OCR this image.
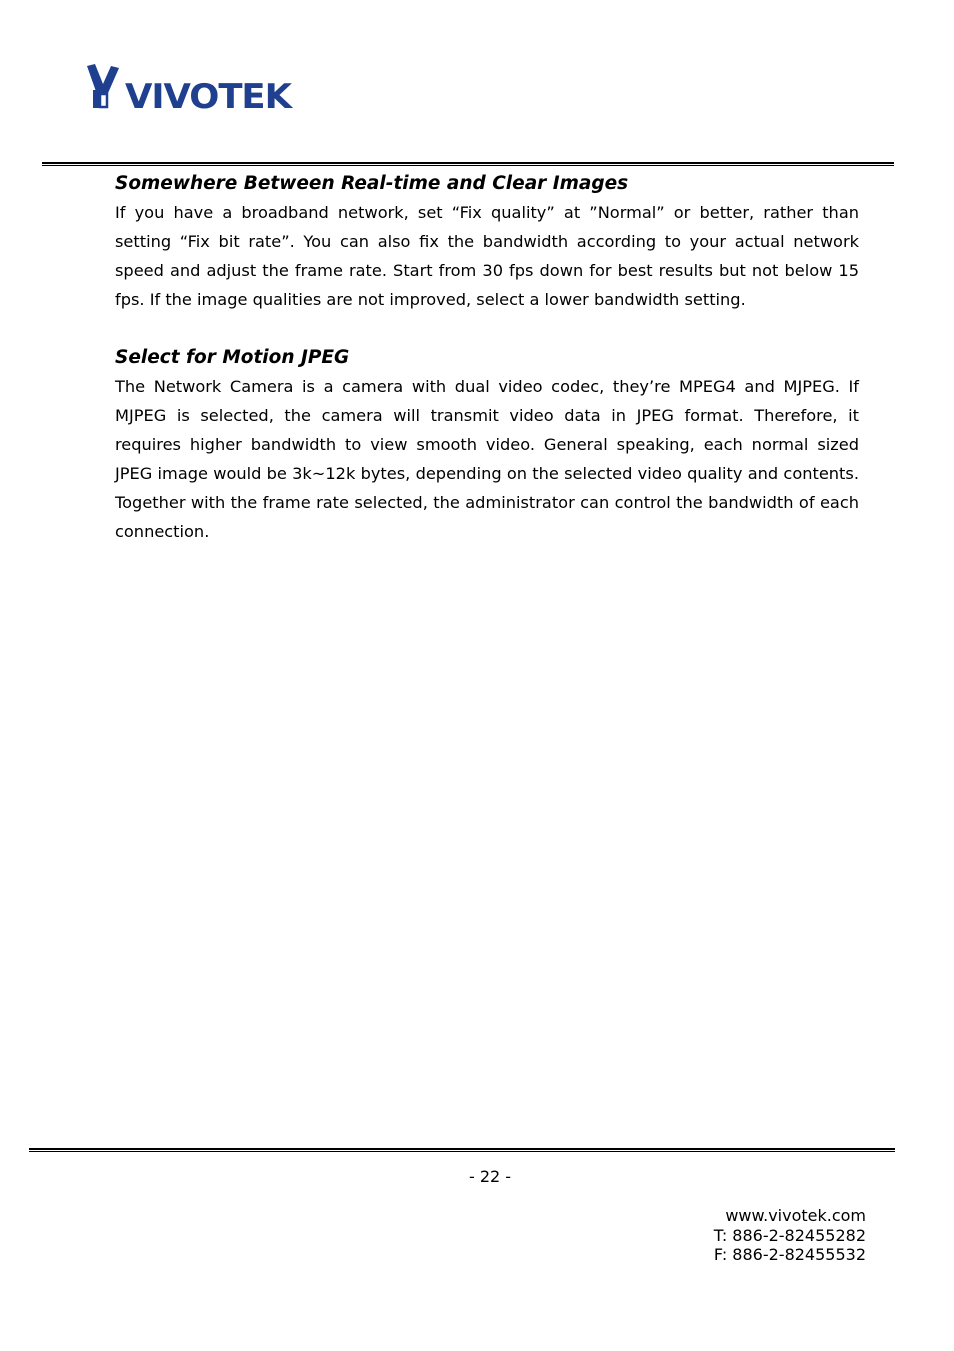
VIVOTEK
Somewhere Between Real-time and Clear Images

If you have a broadband network, set “Fix quality” at ”Normal” or better, rather than setting “Fix bit rate”. You can also fix the bandwidth according to your actual network speed and adjust the frame rate. Start from 30 fps down for best results but not below 15 fps. If the image qualities are not improved, select a lower bandwidth setting.

Select for Motion JPEG

The Network Camera is a camera with dual video codec, they’re MPEG4 and MJPEG. If MJPEG is selected, the camera will transmit video data in JPEG format. Therefore, it requires higher bandwidth to view smooth video. General speaking, each normal sized JPEG image would be 3k~12k bytes, depending on the selected video quality and contents. Together with the frame rate selected, the administrator can control the bandwidth of each connection.

- 22 -
www.vivotek.com
T: 886-2-82455282
F: 886-2-82455532
